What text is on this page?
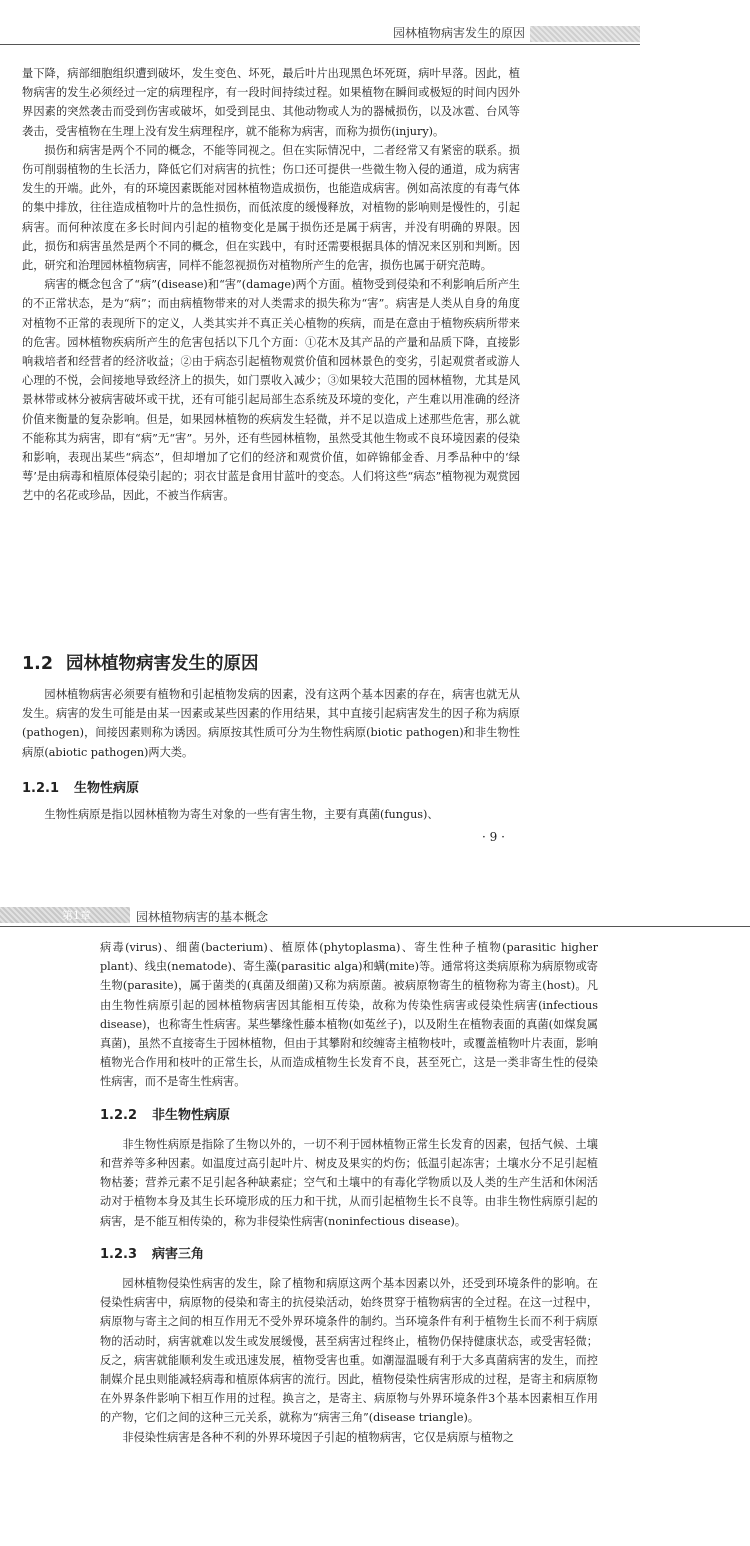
园林植物病害发生的原因

量下降，病部细胞组织遭到破坏，发生变色、坏死，最后叶片出现黑色坏死斑，病叶早落。因此，植物病害的发生必须经过一定的病理程序，有一段时间持续过程。如果植物在瞬间或极短的时间内因外界因素的突然袭击而受到伤害或破坏，如受到昆虫、其他动物或人为的器械损伤，以及冰雹、台风等袭击，受害植物在生理上没有发生病理程序，就不能称为病害，而称为损伤(injury)。

损伤和病害是两个不同的概念，不能等同视之。但在实际情况中，二者经常又有紧密的联系。损伤可削弱植物的生长活力，降低它们对病害的抗性；伤口还可提供一些微生物入侵的通道，成为病害发生的开端。此外，有的环境因素既能对园林植物造成损伤，也能造成病害。例如高浓度的有毒气体的集中排放，往往造成植物叶片的急性损伤，而低浓度的缓慢释放，对植物的影响则是慢性的，引起病害。而何种浓度在多长时间内引起的植物变化是属于损伤还是属于病害，并没有明确的界限。因此，损伤和病害虽然是两个不同的概念，但在实践中，有时还需要根据具体的情况来区别和判断。因此，研究和治理园林植物病害，同样不能忽视损伤对植物所产生的危害，损伤也属于研究范畴。

病害的概念包含了“病”(disease)和“害”(damage)两个方面。植物受到侵染和不利影响后所产生的不正常状态，是为“病”；而由病植物带来的对人类需求的损失称为“害”。病害是人类从自身的角度对植物不正常的表现所下的定义，人类其实并不真正关心植物的疾病，而是在意由于植物疾病所带来的危害。园林植物疾病所产生的危害包括以下几个方面：①花木及其产品的产量和品质下降，直接影响栽培者和经营者的经济收益；②由于病态引起植物观赏价值和园林景色的变劣，引起观赏者或游人心理的不悦，会间接地导致经济上的损失，如门票收入减少；③如果较大范围的园林植物，尤其是风景林带或林分被病害破坏或干扰，还有可能引起局部生态系统及环境的变化，产生难以用准确的经济价值来衡量的复杂影响。但是，如果园林植物的疾病发生轻微，并不足以造成上述那些危害，那么就不能称其为病害，即有“病”无“害”。另外，还有些园林植物，虽然受其他生物或不良环境因素的侵染和影响，表现出某些“病态”，但却增加了它们的经济和观赏价值，如碎锦郁金香、月季品种中的‘绿萼’是由病毒和植原体侵染引起的；羽衣甘蓝是食用甘蓝叶的变态。人们将这些“病态”植物视为观赏园艺中的名花或珍品，因此，不被当作病害。

1.2 园林植物病害发生的原因

园林植物病害必须要有植物和引起植物发病的因素，没有这两个基本因素的存在，病害也就无从发生。病害的发生可能是由某一因素或某些因素的作用结果，其中直接引起病害发生的因子称为病原(pathogen)，间接因素则称为诱因。病原按其性质可分为生物性病原(biotic pathogen)和非生物性病原(abiotic pathogen)两大类。

1.2.1 生物性病原

生物性病原是指以园林植物为寄生对象的一些有害生物，主要有真菌(fungus)、

· 9 ·
第1章	园林植物病害的基本概念

病毒(virus)、细菌(bacterium)、植原体(phytoplasma)、寄生性种子植物(parasitic higher plant)、线虫(nematode)、寄生藻(parasitic alga)和螨(mite)等。通常将这类病原称为病原物或寄生物(parasite)，属于菌类的(真菌及细菌)又称为病原菌。被病原物寄生的植物称为寄主(host)。凡由生物性病原引起的园林植物病害因其能相互传染，故称为传染性病害或侵染性病害(infectious disease)，也称寄生性病害。某些攀缘性藤本植物(如菟丝子)，以及附生在植物表面的真菌(如煤炱属真菌)，虽然不直接寄生于园林植物，但由于其攀附和绞缠寄主植物枝叶，或覆盖植物叶片表面，影响植物光合作用和枝叶的正常生长，从而造成植物生长发育不良，甚至死亡，这是一类非寄生性的侵染性病害，而不是寄生性病害。

1.2.2 非生物性病原

非生物性病原是指除了生物以外的，一切不利于园林植物正常生长发育的因素，包括气候、土壤和营养等多种因素。如温度过高引起叶片、树皮及果实的灼伤；低温引起冻害；土壤水分不足引起植物枯萎；营养元素不足引起各种缺素症；空气和土壤中的有毒化学物质以及人类的生产生活和休闲活动对于植物本身及其生长环境形成的压力和干扰，从而引起植物生长不良等。由非生物性病原引起的病害，是不能互相传染的，称为非侵染性病害(noninfectious disease)。

1.2.3 病害三角

园林植物侵染性病害的发生，除了植物和病原这两个基本因素以外，还受到环境条件的影响。在侵染性病害中，病原物的侵染和寄主的抗侵染活动，始终贯穿于植物病害的全过程。在这一过程中，病原物与寄主之间的相互作用无不受外界环境条件的制约。当环境条件有利于植物生长而不利于病原物的活动时，病害就难以发生或发展缓慢，甚至病害过程终止，植物仍保持健康状态，或受害轻微；反之，病害就能顺利发生或迅速发展，植物受害也重。如潮湿温暖有利于大多真菌病害的发生，而控制媒介昆虫则能减轻病毒和植原体病害的流行。因此，植物侵染性病害形成的过程，是寄主和病原物在外界条件影响下相互作用的过程。换言之，是寄主、病原物与外界环境条件3个基本因素相互作用的产物，它们之间的这种三元关系，就称为“病害三角”(disease triangle)。

非侵染性病害是各种不利的外界环境因子引起的植物病害，它仅是病原与植物之
